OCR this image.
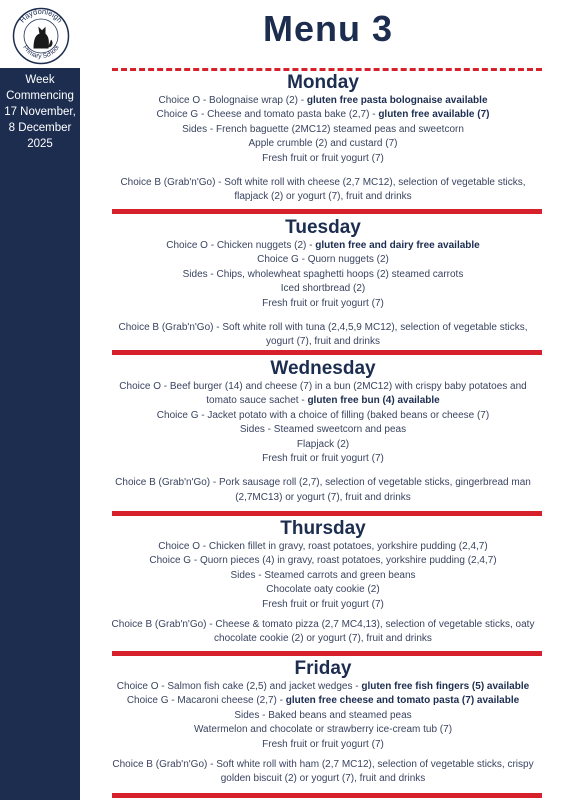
Haydonleigh
Primary School	Menu 3
Week
Commencing
17 November,
8 December
2025
Monday
Choice O - Bolognaise wrap (2) - gluten free pasta bolognaise available
Choice G - Cheese and tomato pasta bake (2,7) - gluten free available (7)
Sides - French baguette (2MC12) steamed peas and sweetcorn
Apple crumble (2) and custard (7)
Fresh fruit or fruit yogurt (7)
Choice B (Grab'n'Go) - Soft white roll with cheese (2,7 MC12), selection of vegetable sticks, flapjack (2) or yogurt (7), fruit and drinks
Tuesday
Choice O - Chicken nuggets (2) - gluten free and dairy free available
Choice G - Quorn nuggets (2)
Sides - Chips, wholewheat spaghetti hoops (2) steamed carrots
Iced shortbread (2)
Fresh fruit or fruit yogurt (7)
Choice B (Grab'n'Go) - Soft white roll with tuna (2,4,5,9 MC12), selection of vegetable sticks, yogurt (7), fruit and drinks
Wednesday
Choice O - Beef burger (14) and cheese (7) in a bun (2MC12) with crispy baby potatoes and tomato sauce sachet - gluten free bun (4) available
Choice G - Jacket potato with a choice of filling (baked beans or cheese (7)
Sides - Steamed sweetcorn and peas
Flapjack (2)
Fresh fruit or fruit yogurt (7)
Choice B (Grab'n'Go) - Pork sausage roll (2,7), selection of vegetable sticks, gingerbread man (2,7MC13) or yogurt (7), fruit and drinks
Thursday
Choice O - Chicken fillet in gravy, roast potatoes, yorkshire pudding (2,4,7)
Choice G - Quorn pieces (4) in gravy, roast potatoes, yorkshire pudding (2,4,7)
Sides - Steamed carrots and green beans
Chocolate oaty cookie (2)
Fresh fruit or fruit yogurt (7)
Choice B (Grab'n'Go) - Cheese & tomato pizza (2,7 MC4,13), selection of vegetable sticks, oaty chocolate cookie (2) or yogurt (7), fruit and drinks
Friday
Choice O - Salmon fish cake (2,5) and jacket wedges - gluten free fish fingers (5) available
Choice G - Macaroni cheese (2,7) - gluten free cheese and tomato pasta (7) available
Sides - Baked beans and steamed peas
Watermelon and chocolate or strawberry ice-cream tub (7)
Fresh fruit or fruit yogurt (7)
Choice B (Grab'n'Go) - Soft white roll with ham (2,7 MC12), selection of vegetable sticks, crispy golden biscuit (2) or yogurt (7), fruit and drinks
